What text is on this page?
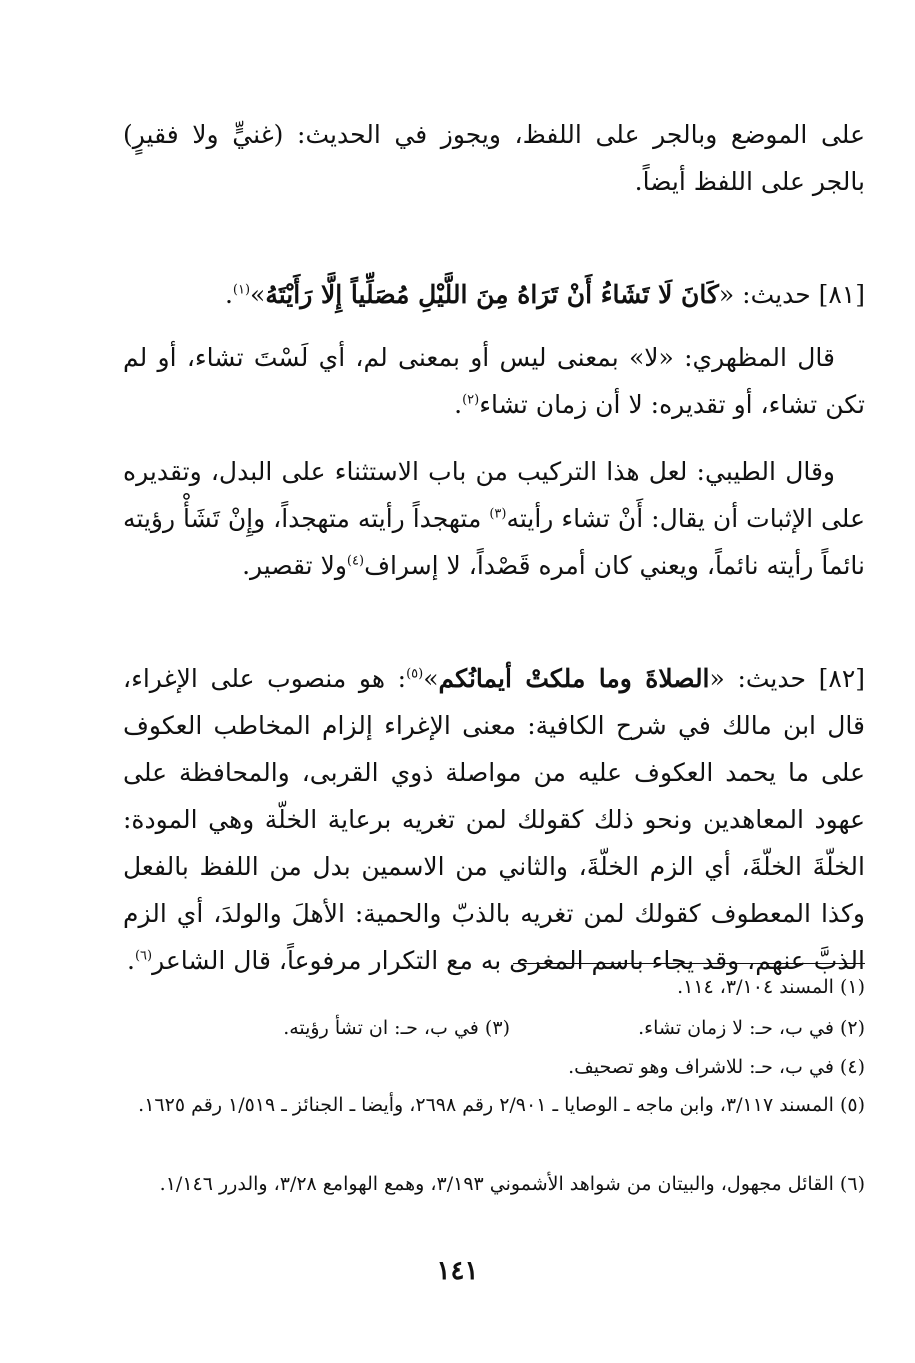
على الموضع وبالجر على اللفظ، ويجوز في الحديث: (غنيٍّ ولا فقيرٍ) بالجر على اللفظ أيضاً.

[٨١] حديث: «كَانَ لَا تَشَاءُ أَنْ تَرَاهُ مِنَ اللَّيْلِ مُصَلِّياً إِلَّا رَأَيْتَهُ»$^{(١)}$.

قال المظهري: «لا» بمعنى ليس أو بمعنى لم، أي لَسْتَ تشاء، أو لم تكن تشاء، أو تقديره: لا أن زمان تشاء$^{(٢)}$.

وقال الطيبي: لعل هذا التركيب من باب الاستثناء على البدل، وتقديره على الإثبات أن يقال: أَنْ تشاء رأيته$^{(٣)}$ متهجداً رأيته متهجداً، وإِنْ تَشَأْ رؤيته نائماً رأيته نائماً، ويعني كان أمره قَصْداً، لا إسراف$^{(٤)}$ولا تقصير.

[٨٢] حديث: «الصلاةَ وما ملكتْ أيمانُكم»$^{(٥)}$: هو منصوب على الإغراء، قال ابن مالك في شرح الكافية: معنى الإغراء إلزام المخاطب العكوف على ما يحمد العكوف عليه من مواصلة ذوي القربى، والمحافظة على عهود المعاهدين ونحو ذلك كقولك لمن تغريه برعاية الخلّة وهي المودة: الخلّةَ الخلّةَ، أي الزم الخلّةَ، والثاني من الاسمين بدل من اللفظ بالفعل وكذا المعطوف كقولك لمن تغريه بالذبّ والحمية: الأهلَ والولدَ، أي الزم الذبَّ عنهم، وقد يجاء باسم المغرى به مع التكرار مرفوعاً، قال الشاعر$^{(٦)}$.

(١) المسند ٣/١٠٤، ١١٤.
(٢) في ب، حـ: لا زمان تشاء.
(٣) في ب، حـ: ان تشأ رؤيته.
(٤) في ب، حـ: للاشراف وهو تصحيف.
(٥) المسند ٣/١١٧، وابن ماجه ـ الوصايا ـ ٢/٩٠١ رقم ٢٦٩٨، وأيضا ـ الجنائز ـ ١/٥١٩ رقم ١٦٢٥.
(٦) القائل مجهول، والبيتان من شواهد الأشموني ٣/١٩٣، وهمع الهوامع ٣/٢٨، والدرر ١/١٤٦.
١٤١
